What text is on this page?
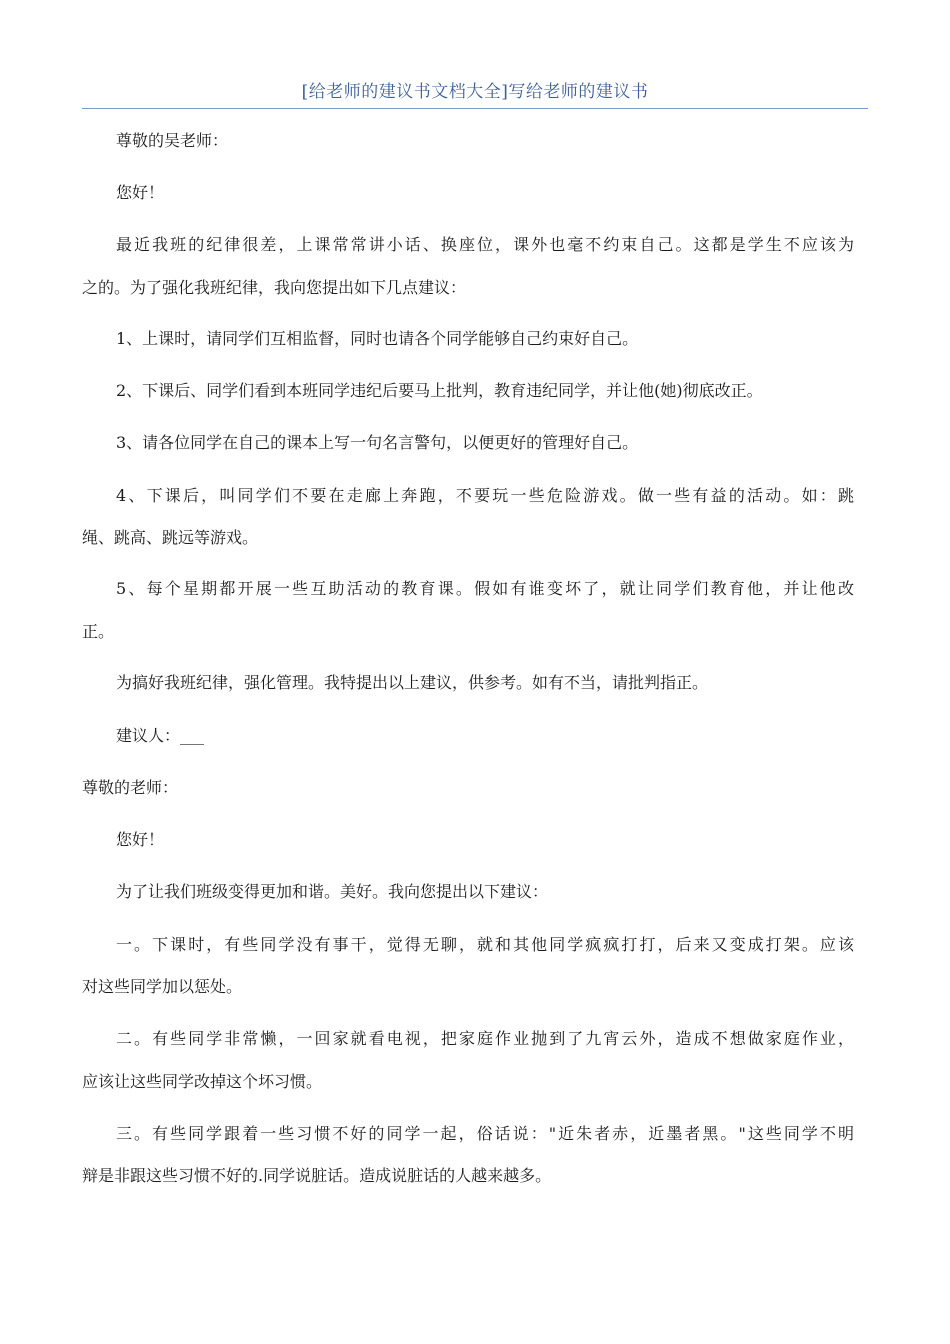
[给老师的建议书文档大全]写给老师的建议书

尊敬的吴老师：

您好！

最近我班的纪律很差，上课常常讲小话、换座位，课外也毫不约束自己。这都是学生不应该为

之的。为了强化我班纪律，我向您提出如下几点建议：

1、上课时，请同学们互相监督，同时也请各个同学能够自己约束好自己。

2、下课后、同学们看到本班同学违纪后要马上批判，教育违纪同学，并让他(她)彻底改正。

3、请各位同学在自己的课本上写一句名言警句，以便更好的管理好自己。

4、下课后，叫同学们不要在走廊上奔跑，不要玩一些危险游戏。做一些有益的活动。如：跳

绳、跳高、跳远等游戏。

5、每个星期都开展一些互助活动的教育课。假如有谁变坏了，就让同学们教育他，并让他改

正。

为搞好我班纪律，强化管理。我特提出以上建议，供参考。如有不当，请批判指正。

建议人：___

尊敬的老师：

您好！

为了让我们班级变得更加和谐。美好。我向您提出以下建议：

一。下课时，有些同学没有事干，觉得无聊，就和其他同学疯疯打打，后来又变成打架。应该

对这些同学加以惩处。

二。有些同学非常懒，一回家就看电视，把家庭作业抛到了九宵云外，造成不想做家庭作业，

应该让这些同学改掉这个坏习惯。

三。有些同学跟着一些习惯不好的同学一起，俗话说："近朱者赤，近墨者黑。"这些同学不明

辩是非跟这些习惯不好的.同学说脏话。造成说脏话的人越来越多。
